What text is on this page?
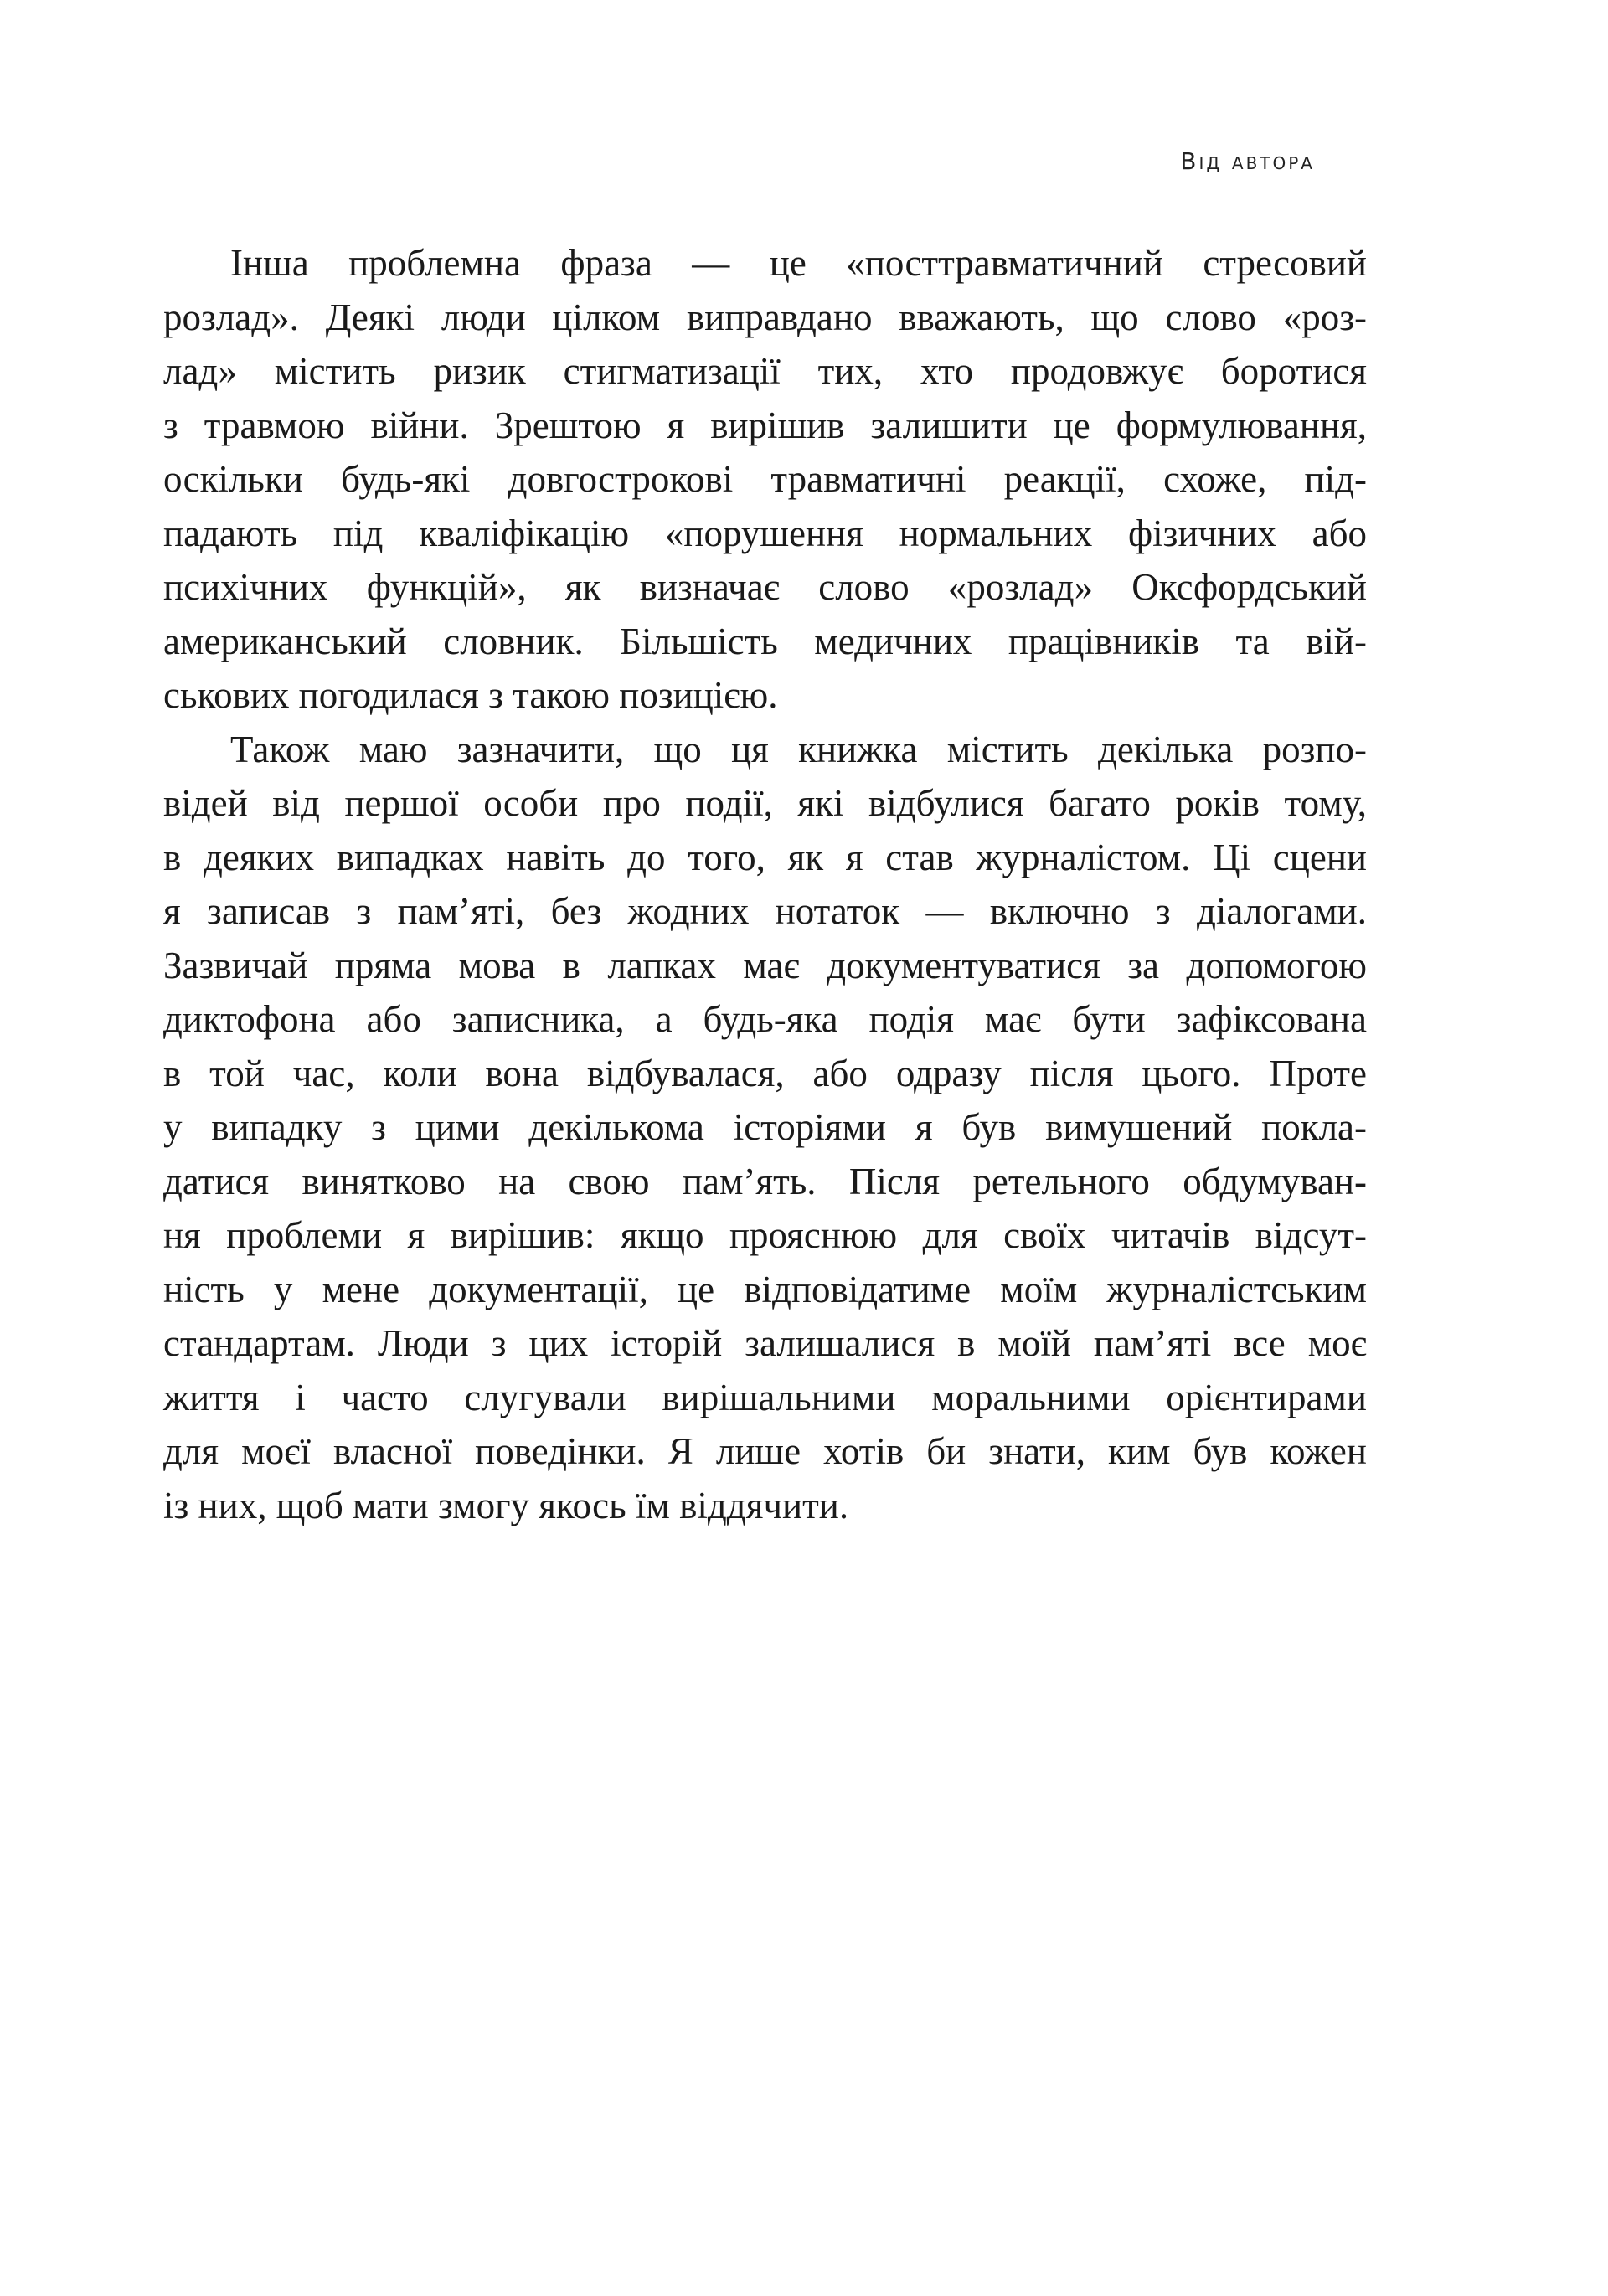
Від автора
Інша проблемна фраза — це «посттравматичний стресовий
розлад». Деякі люди цілком виправдано вважають, що слово «роз-
лад» містить ризик стигматизації тих, хто продовжує боротися
з травмою війни. Зрештою я вирішив залишити це формулювання,
оскільки будь-які довгострокові травматичні реакції, схоже, під-
падають під кваліфікацію «порушення нормальних фізичних або
психічних функцій», як визначає слово «розлад» Оксфордський
американський словник. Більшість медичних працівників та вій-
ськових погодилася з такою позицією.
Також маю зазначити, що ця книжка містить декілька розпо-
відей від першої особи про події, які відбулися багато років тому,
в деяких випадках навіть до того, як я став журналістом. Ці сцени
я записав з пам’яті, без жодних нотаток — включно з діалогами.
Зазвичай пряма мова в лапках має документуватися за допомогою
диктофона або записника, а будь-яка подія має бути зафіксована
в той час, коли вона відбувалася, або одразу після цього. Проте
у випадку з цими декількома історіями я був вимушений покла-
датися винятково на свою пам’ять. Після ретельного обдумуван-
ня проблеми я вирішив: якщо прояснюю для своїх читачів відсут-
ність у мене документації, це відповідатиме моїм журналістським
стандартам. Люди з цих історій залишалися в моїй пам’яті все моє
життя і часто слугували вирішальними моральними орієнтирами
для моєї власної поведінки. Я лише хотів би знати, ким був кожен
із них, щоб мати змогу якось їм віддячити.
